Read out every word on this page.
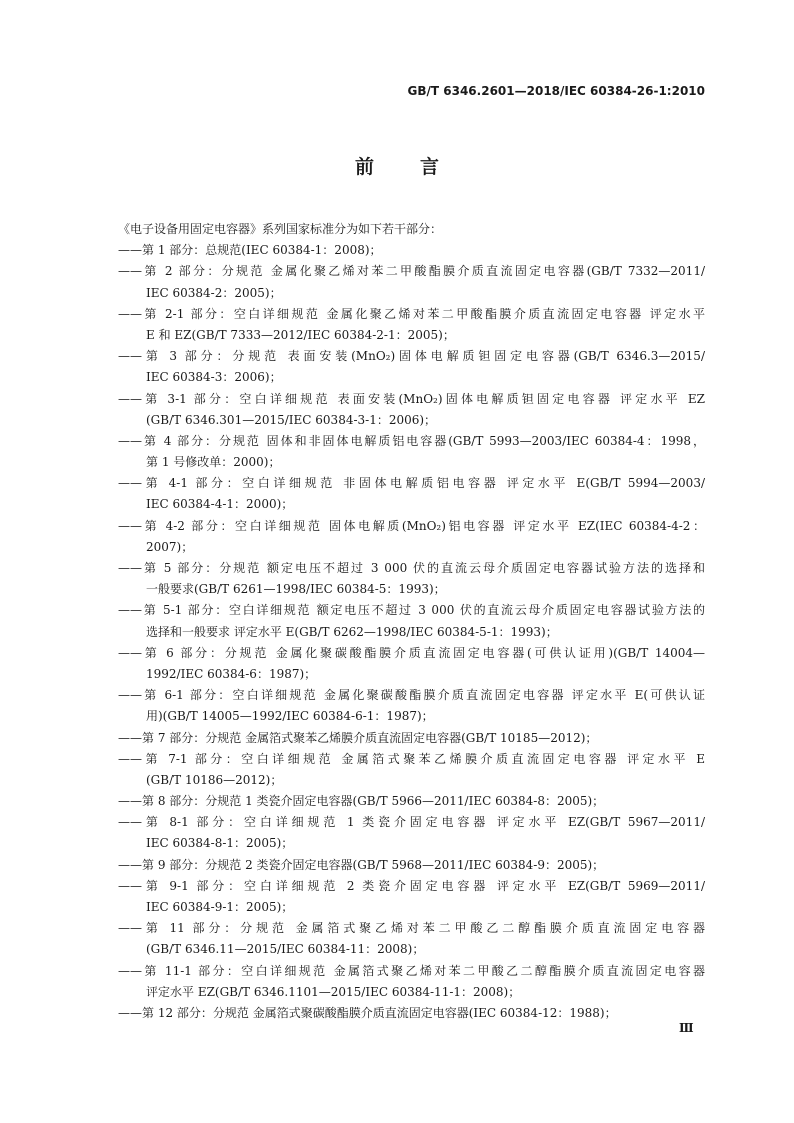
GB/T 6346.2601—2018/IEC 60384-26-1:2010
前言
《电子设备用固定电容器》系列国家标准分为如下若干部分：
——第 1 部分：总规范(IEC 60384-1：2008)；
——第 2 部分：分规范 金属化聚乙烯对苯二甲酸酯膜介质直流固定电容器(GB/T 7332—2011/
IEC 60384-2：2005)；
——第 2-1 部分：空白详细规范 金属化聚乙烯对苯二甲酸酯膜介质直流固定电容器 评定水平
E 和 EZ(GB/T 7333—2012/IEC 60384-2-1：2005)；
——第 3 部分：分规范 表面安装(MnO₂)固体电解质钽固定电容器(GB/T 6346.3—2015/
IEC 60384-3：2006)；
——第 3-1 部分：空白详细规范 表面安装(MnO₂)固体电解质钽固定电容器 评定水平 EZ
(GB/T 6346.301—2015/IEC 60384-3-1：2006)；
——第 4 部分：分规范 固体和非固体电解质铝电容器(GB/T 5993—2003/IEC 60384-4：1998，
第 1 号修改单：2000)；
——第 4-1 部分：空白详细规范 非固体电解质铝电容器 评定水平 E(GB/T 5994—2003/
IEC 60384-4-1：2000)；
——第 4-2 部分：空白详细规范 固体电解质(MnO₂)铝电容器 评定水平 EZ(IEC 60384-4-2：
2007)；
——第 5 部分：分规范 额定电压不超过 3 000 伏的直流云母介质固定电容器试验方法的选择和
一般要求(GB/T 6261—1998/IEC 60384-5：1993)；
——第 5-1 部分：空白详细规范 额定电压不超过 3 000 伏的直流云母介质固定电容器试验方法的
选择和一般要求 评定水平 E(GB/T 6262—1998/IEC 60384-5-1：1993)；
——第 6 部分：分规范 金属化聚碳酸酯膜介质直流固定电容器(可供认证用)(GB/T 14004—
1992/IEC 60384-6：1987)；
——第 6-1 部分：空白详细规范 金属化聚碳酸酯膜介质直流固定电容器 评定水平 E(可供认证
用)(GB/T 14005—1992/IEC 60384-6-1：1987)；
——第 7 部分：分规范 金属箔式聚苯乙烯膜介质直流固定电容器(GB/T 10185—2012)；
——第 7-1 部分：空白详细规范 金属箔式聚苯乙烯膜介质直流固定电容器 评定水平 E
(GB/T 10186—2012)；
——第 8 部分：分规范 1 类瓷介固定电容器(GB/T 5966—2011/IEC 60384-8：2005)；
——第 8-1 部分：空白详细规范 1 类瓷介固定电容器 评定水平 EZ(GB/T 5967—2011/
IEC 60384-8-1：2005)；
——第 9 部分：分规范 2 类瓷介固定电容器(GB/T 5968—2011/IEC 60384-9：2005)；
——第 9-1 部分：空白详细规范 2 类瓷介固定电容器 评定水平 EZ(GB/T 5969—2011/
IEC 60384-9-1：2005)；
——第 11 部分：分规范 金属箔式聚乙烯对苯二甲酸乙二醇酯膜介质直流固定电容器
(GB/T 6346.11—2015/IEC 60384-11：2008)；
——第 11-1 部分：空白详细规范 金属箔式聚乙烯对苯二甲酸乙二醇酯膜介质直流固定电容器
评定水平 EZ(GB/T 6346.1101—2015/IEC 60384-11-1：2008)；
——第 12 部分：分规范 金属箔式聚碳酸酯膜介质直流固定电容器(IEC 60384-12：1988)；
Ⅲ
